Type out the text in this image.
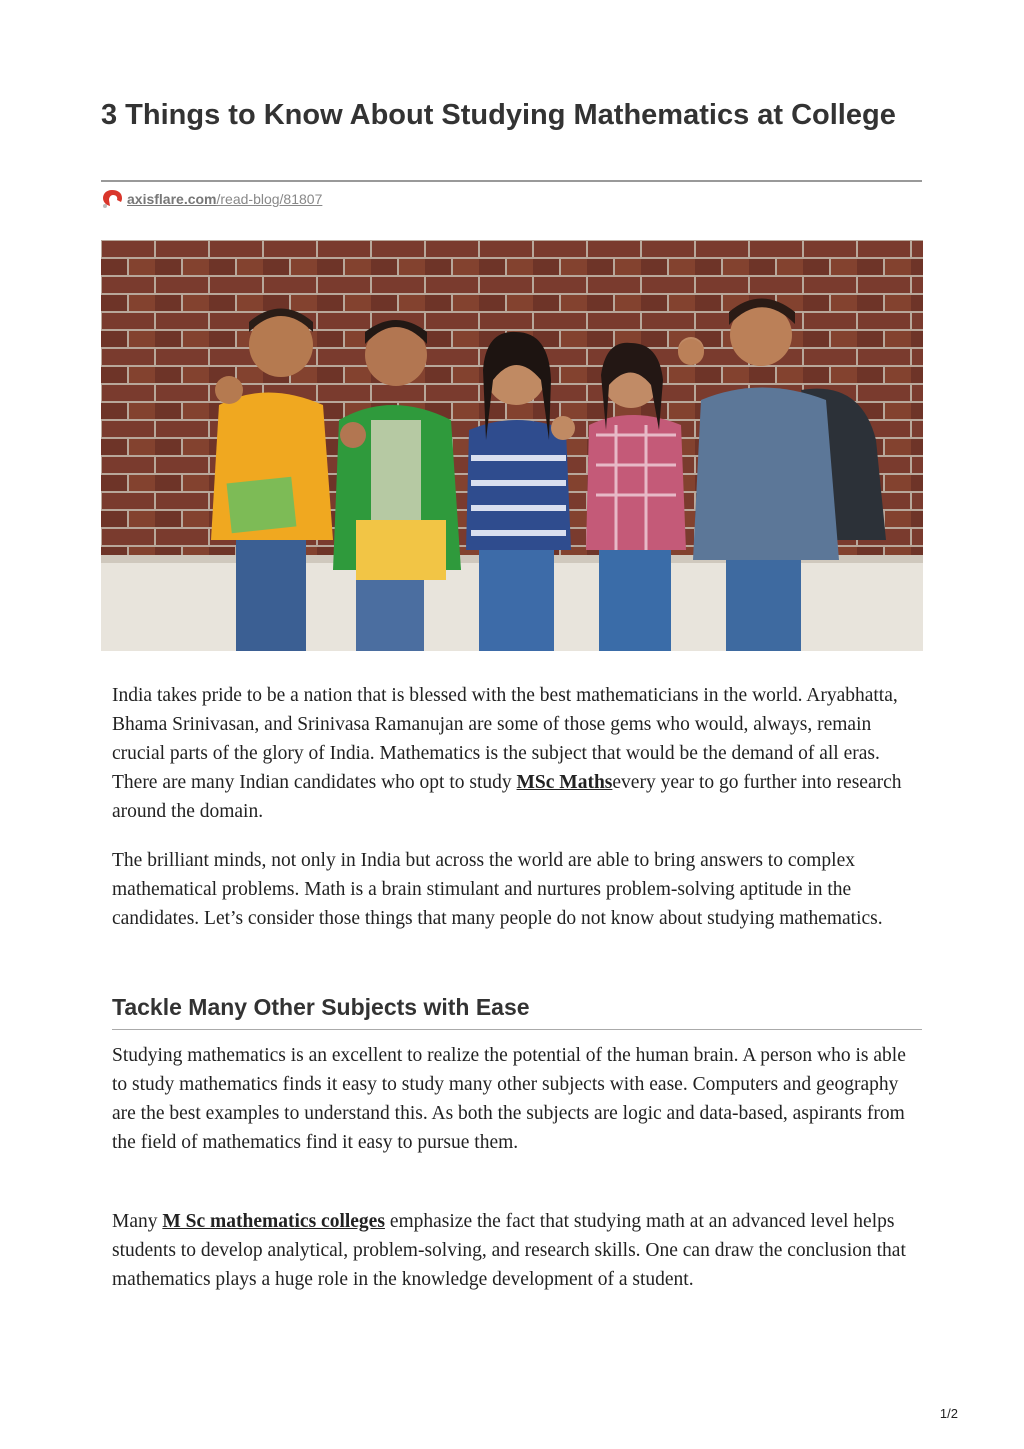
3 Things to Know About Studying Mathematics at College
axisflare.com /read-blog/81807
India takes pride to be a nation that is blessed with the best mathematicians in the world. Aryabhatta, Bhama Srinivasan, and Srinivasa Ramanujan are some of those gems who would, always, remain crucial parts of the glory of India. Mathematics is the subject that would be the demand of all eras. There are many Indian candidates who opt to study MSc Mathsevery year to go further into research around the domain.
The brilliant minds, not only in India but across the world are able to bring answers to complex mathematical problems. Math is a brain stimulant and nurtures problem-solving aptitude in the candidates. Let’s consider those things that many people do not know about studying mathematics.
Tackle Many Other Subjects with Ease
Studying mathematics is an excellent to realize the potential of the human brain. A person who is able to study mathematics finds it easy to study many other subjects with ease. Computers and geography are the best examples to understand this. As both the subjects are logic and data-based, aspirants from the field of mathematics find it easy to pursue them.
Many M Sc mathematics colleges emphasize the fact that studying math at an advanced level helps students to develop analytical, problem-solving, and research skills. One can draw the conclusion that mathematics plays a huge role in the knowledge development of a student.
1/2
